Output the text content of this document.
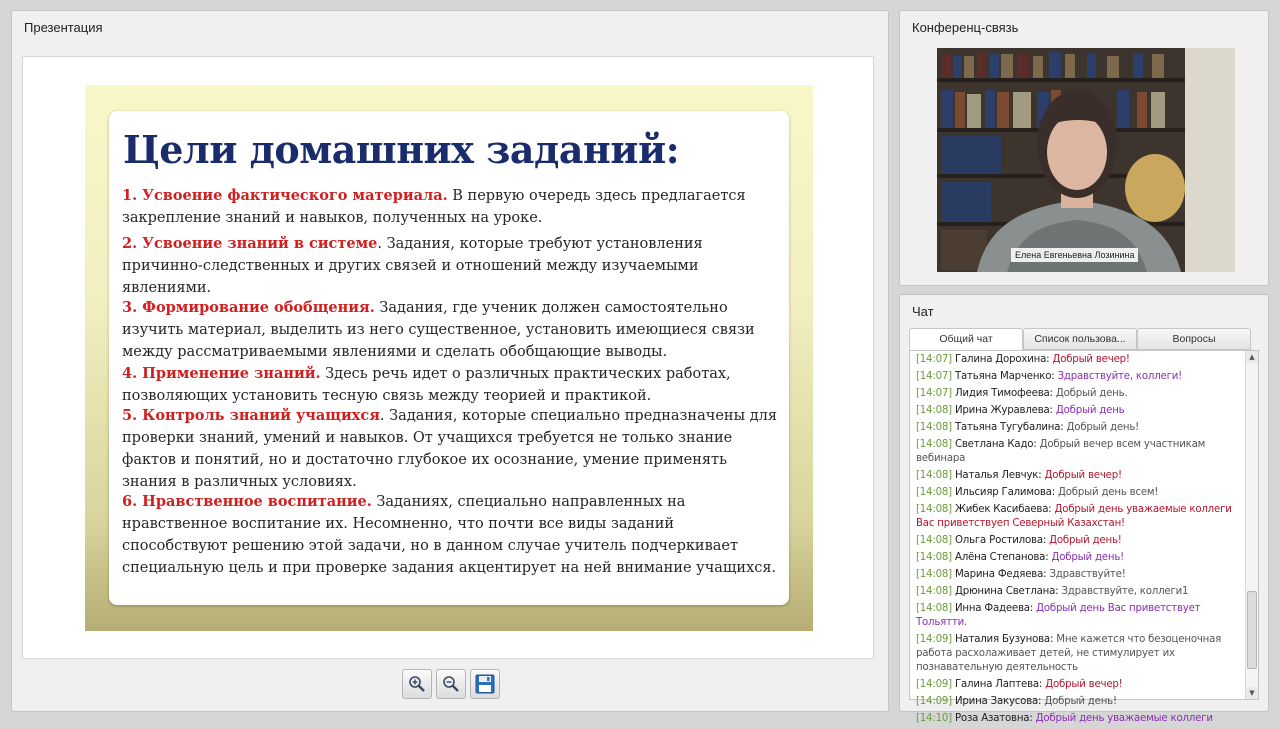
Презентация
Цели домашних заданий:
1. Усвоение фактического материала. В первую очередь здесь предлагается закрепление знаний и навыков, полученных на уроке.
2. Усвоение знаний в системе. Задания, которые требуют установления причинно-следственных и других связей и отношений между изучаемыми явлениями.
3. Формирование обобщения. Задания, где ученик должен самостоятельно изучить материал, выделить из него существенное, установить имеющиеся связи между рассматриваемыми явлениями и сделать обобщающие выводы.
4. Применение знаний. Здесь речь идет о различных практических работах, позволяющих установить тесную связь между теорией и практикой.
5. Контроль знаний учащихся. Задания, которые специально предназначены для проверки знаний, умений и навыков. От учащихся требуется не только знание фактов и понятий, но и достаточно глубокое их осознание, умение применять знания в различных условиях.
6. Нравственное воспитание. Заданиях, специально направленных на нравственное воспитание их. Несомненно, что почти все виды заданий способствуют решению этой задачи, но в данном случае учитель подчеркивает специальную цель и при проверке задания акцентирует на ней внимание учащихся.
Конференц-связь
Елена Евгеньевна Лозинина
Чат
Общий чат	Список пользова...	Вопросы
[14:07] Галина Дорохина: Добрый вечер!
[14:07] Татьяна Марченко: Здравствуйте, коллеги!
[14:07] Лидия Тимофеева: Добрый день.
[14:08] Ирина Журавлева: Добрый день
[14:08] Татьяна Тугубалина: Добрый день!
[14:08] Светлана Кадо: Добрый вечер всем участникам вебинара
[14:08] Наталья Левчук: Добрый вечер!
[14:08] Ильсияр Галимова: Добрый день всем!
[14:08] Жибек Касибаева: Добрый день уважаемые коллеги Вас приветствуеп Северный Казахстан!
[14:08] Ольга Ростилова: Добрый день!
[14:08] Алёна Степанова: Добрый день!
[14:08] Марина Федяева: Здравствуйте!
[14:08] Дрюнина Светлана: Здравствуйте, коллеги1
[14:08] Инна Фадеева: Добрый день Вас приветствует Тольятти.
[14:09] Наталия Бузунова: Мне кажется что безоценочная работа расхолаживает детей, не стимулирует их познавательную деятельность
[14:09] Галина Лаптева: Добрый вечер!
[14:09] Ирина Закусова: Добрый день!
[14:10] Роза Азатовна: Добрый день уважаемые коллеги
▲
▼
